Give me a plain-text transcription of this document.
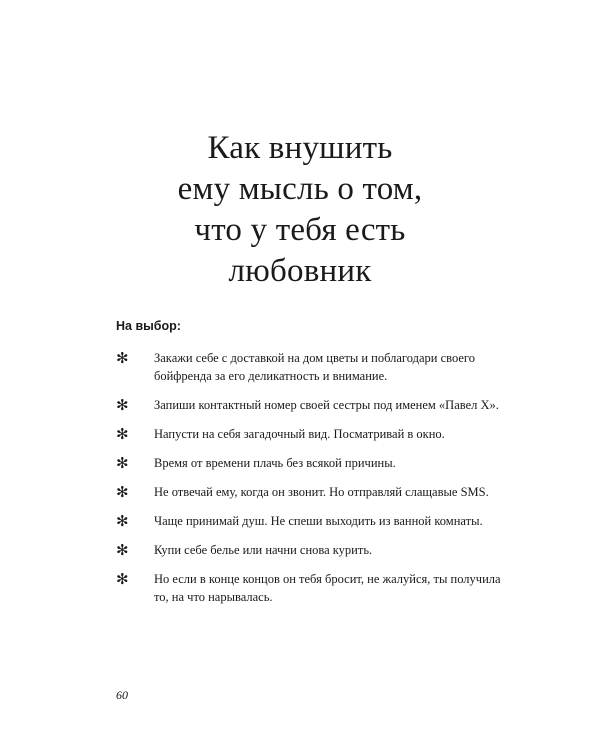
Как внушить
ему мысль о том,
что у тебя есть
любовник

На выбор:

✻ Закажи себе с доставкой на дом цветы и поблагодари своего бойфренда за его деликатность и внимание.
✻ Запиши контактный номер своей сестры под именем «Павел Х».
✻ Напусти на себя загадочный вид. Посматривай в окно.
✻ Время от времени плачь без всякой причины.
✻ Не отвечай ему, когда он звонит. Но отправляй слащавые SMS.
✻ Чаще принимай душ. Не спеши выходить из ванной комнаты.
✻ Купи себе белье или начни снова курить.
✻ Но если в конце концов он тебя бросит, не жалуйся, ты получила то, на что нарывалась.

60
